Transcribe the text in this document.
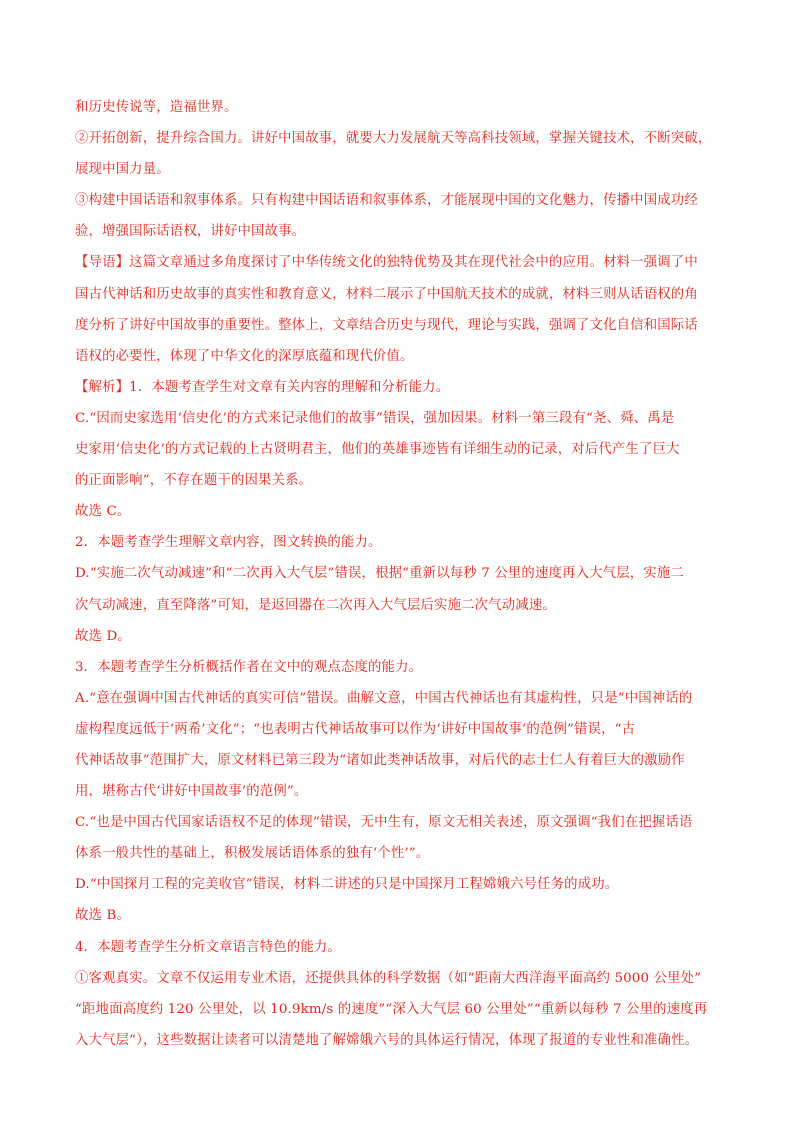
和历史传说等，造福世界。
②开拓创新，提升综合国力。讲好中国故事，就要大力发展航天等高科技领域，掌握关键技术，不断突破，
展现中国力量。
③构建中国话语和叙事体系。只有构建中国话语和叙事体系，才能展现中国的文化魅力，传播中国成功经
验，增强国际话语权，讲好中国故事。
【导语】这篇文章通过多角度探讨了中华传统文化的独特优势及其在现代社会中的应用。材料一强调了中
国古代神话和历史故事的真实性和教育意义，材料二展示了中国航天技术的成就，材料三则从话语权的角
度分析了讲好中国故事的重要性。整体上，文章结合历史与现代，理论与实践，强调了文化自信和国际话
语权的必要性，体现了中华文化的深厚底蕴和现代价值。
【解析】1．本题考查学生对文章有关内容的理解和分析能力。
C.“因而史家选用‘信史化’的方式来记录他们的故事”错误，强加因果。材料一第三段有“尧、舜、禹是
史家用‘信史化’的方式记载的上古贤明君主，他们的英雄事迹皆有详细生动的记录，对后代产生了巨大
的正面影响”，不存在题干的因果关系。
故选 C。
2．本题考查学生理解文章内容，图文转换的能力。
D.“实施二次气动减速”和“二次再入大气层”错误，根据“重新以每秒 7 公里的速度再入大气层，实施二
次气动减速，直至降落”可知，是返回器在二次再入大气层后实施二次气动减速。
故选 D。
3．本题考查学生分析概括作者在文中的观点态度的能力。
A.“意在强调中国古代神话的真实可信”错误。曲解文意，中国古代神话也有其虚构性，只是“中国神话的
虚构程度远低于‘两希’文化”；“也表明古代神话故事可以作为‘讲好中国故事’的范例”错误，“古
代神话故事”范围扩大，原文材料已第三段为“诸如此类神话故事，对后代的志士仁人有着巨大的激励作
用，堪称古代‘讲好中国故事’的范例”。
C.“也是中国古代国家话语权不足的体现”错误，无中生有，原文无相关表述，原文强调“我们在把握话语
体系一般共性的基础上，积极发展话语体系的独有‘个性’”。
D.“中国探月工程的完美收官”错误，材料二讲述的只是中国探月工程嫦娥六号任务的成功。
故选 B。
4．本题考查学生分析文章语言特色的能力。
①客观真实。文章不仅运用专业术语，还提供具体的科学数据（如“距南大西洋海平面高约 5000 公里处”
“距地面高度约 120 公里处，以 10.9km/s 的速度”“深入大气层 60 公里处”“重新以每秒 7 公里的速度再
入大气层”），这些数据让读者可以清楚地了解嫦娥六号的具体运行情况，体现了报道的专业性和准确性。
